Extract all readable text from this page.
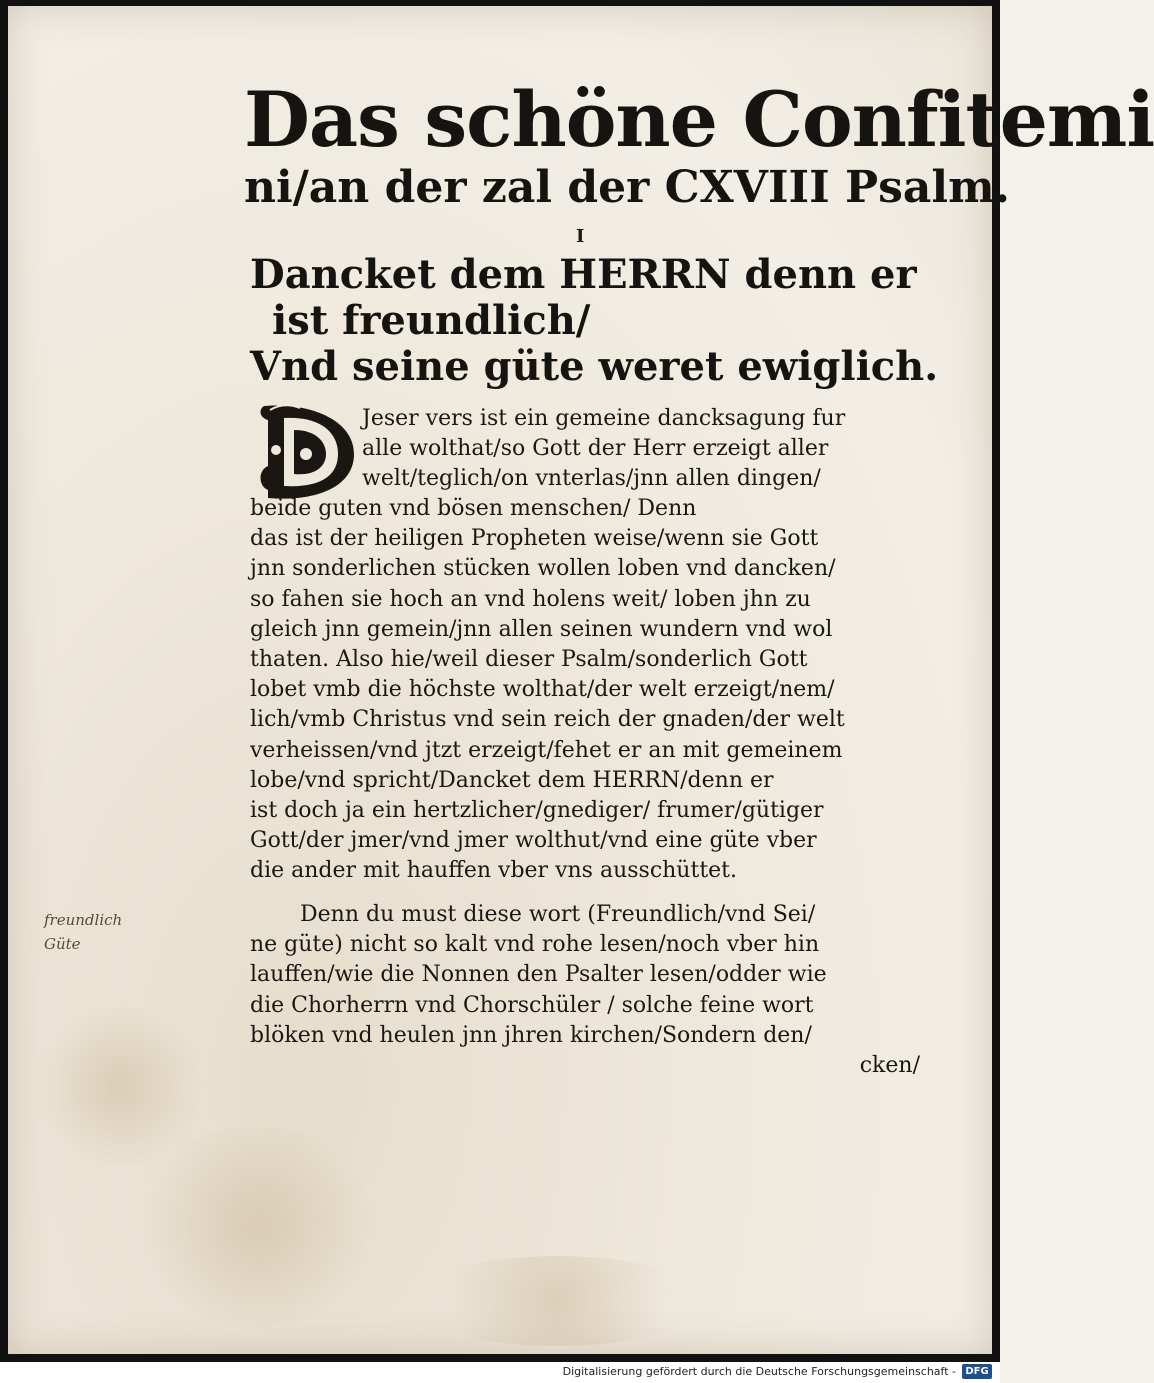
Das schöne Confitemi
ni/an der zal der CXVIII Psalm.
I
Dancket dem HERRN denn er
ist freundlich/
Vnd seine güte weret ewiglich.
Jeser vers ist ein gemeine dancksagung fur
alle wolthat/so Gott der Herr erzeigt aller
welt/teglich/on vnterlas/jnn allen dingen/
beide guten vnd bösen menschen/ Denn
das ist der heiligen Propheten weise/wenn sie Gott
jnn sonderlichen stücken wollen loben vnd dancken/
so fahen sie hoch an vnd holens weit/ loben jhn zu
gleich jnn gemein/jnn allen seinen wundern vnd wol
thaten. Also hie/weil dieser Psalm/sonderlich Gott
lobet vmb die höchste wolthat/der welt erzeigt/nem/
lich/vmb Christus vnd sein reich der gnaden/der welt
verheissen/vnd jtzt erzeigt/fehet er an mit gemeinem
lobe/vnd spricht/Dancket dem HERRN/denn er
ist doch ja ein hertzlicher/gnediger/ frumer/gütiger
Gott/der jmer/vnd jmer wolthut/vnd eine güte vber
die ander mit hauffen vber vns ausschüttet.
Denn du must diese wort (Freundlich/vnd Sei/
ne güte) nicht so kalt vnd rohe lesen/noch vber hin
lauffen/wie die Nonnen den Psalter lesen/odder wie
die Chorherrn vnd Chorschüler / solche feine wort
blöken vnd heulen jnn jhren kirchen/Sondern den/
cken/
freundlich
Güte
Digitalisierung gefördert durch die Deutsche Forschungsgemeinschaft - DFG
